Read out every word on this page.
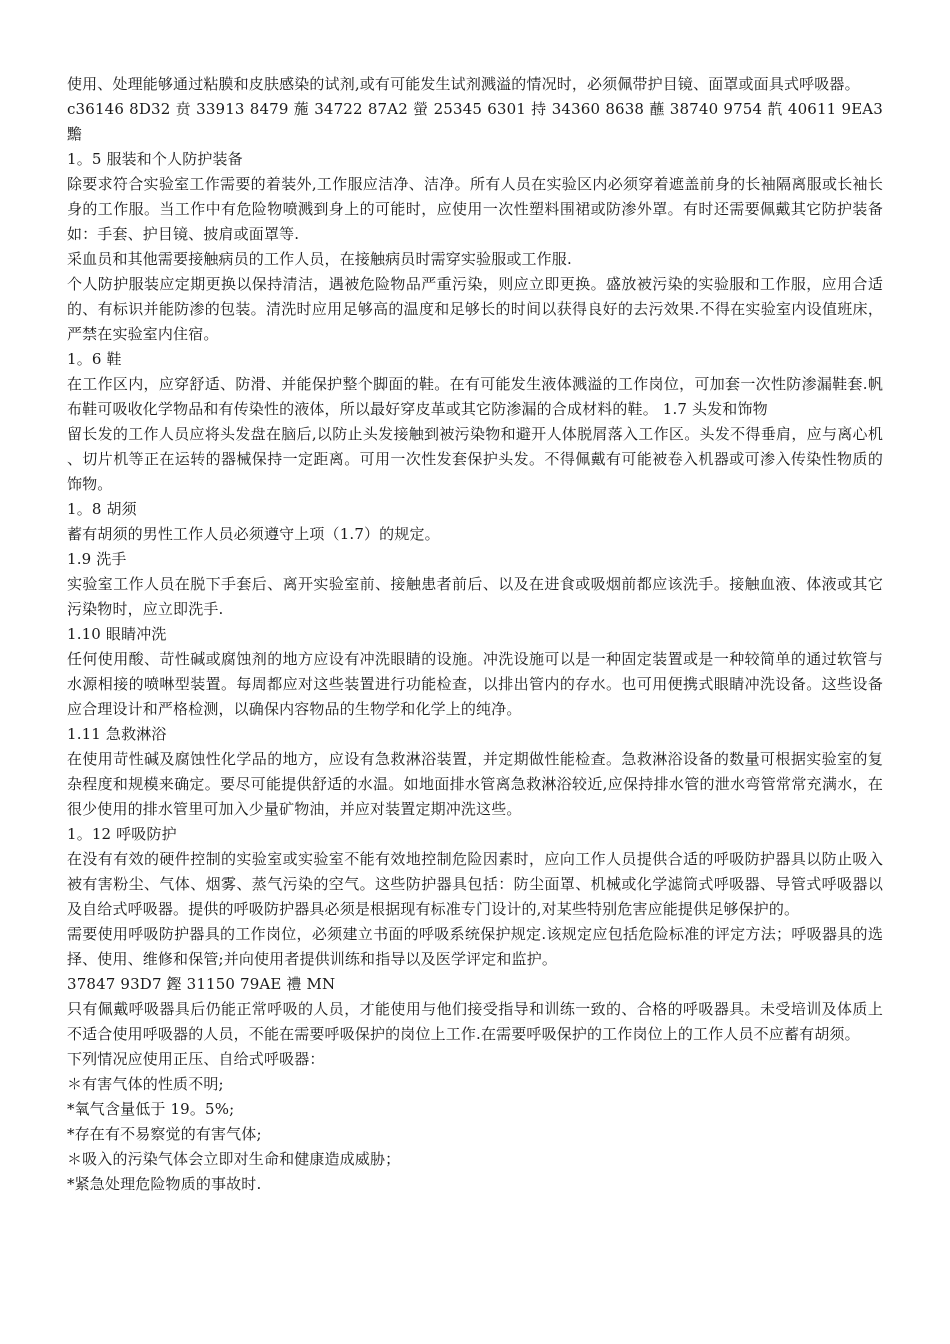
使用、处理能够通过粘膜和皮肤感染的试剂,或有可能发生试剂溅溢的情况时，必须佩带护目镜、面罩或面具式呼吸器。

c36146 8D32 贲 33913 8479 葹 34722 87A2 螢 25345 6301 持 34360 8638 蘸 38740 9754 靔 40611 9EA3 黵

1。5 服装和个人防护装备

除要求符合实验室工作需要的着装外,工作服应洁净、洁净。所有人员在实验区内必须穿着遮盖前身的长袖隔离服或长袖长身的工作服。当工作中有危险物喷溅到身上的可能时，应使用一次性塑料围裙或防渗外罩。有时还需要佩戴其它防护装备如：手套、护目镜、披肩或面罩等.

采血员和其他需要接触病员的工作人员，在接触病员时需穿实验服或工作服.

个人防护服装应定期更换以保持清洁，遇被危险物品严重污染，则应立即更换。盛放被污染的实验服和工作服，应用合适的、有标识并能防渗的包装。清洗时应用足够高的温度和足够长的时间以获得良好的去污效果.不得在实验室内设值班床，严禁在实验室内住宿。

1。6 鞋

在工作区内，应穿舒适、防滑、并能保护整个脚面的鞋。在有可能发生液体溅溢的工作岗位，可加套一次性防渗漏鞋套.帆布鞋可吸收化学物品和有传染性的液体，所以最好穿皮革或其它防渗漏的合成材料的鞋。 1.7 头发和饰物

留长发的工作人员应将头发盘在脑后,以防止头发接触到被污染物和避开人体脱屑落入工作区。头发不得垂肩，应与离心机、切片机等正在运转的器械保持一定距离。可用一次性发套保护头发。不得佩戴有可能被卷入机器或可渗入传染性物质的饰物。

1。8 胡须

蓄有胡须的男性工作人员必须遵守上项（1.7）的规定。

1.9 洗手

实验室工作人员在脱下手套后、离开实验室前、接触患者前后、以及在进食或吸烟前都应该洗手。接触血液、体液或其它污染物时，应立即洗手.

1.10 眼睛冲洗

任何使用酸、苛性碱或腐蚀剂的地方应设有冲洗眼睛的设施。冲洗设施可以是一种固定装置或是一种较简单的通过软管与水源相接的喷啉型装置。每周都应对这些装置进行功能检查，以排出管内的存水。也可用便携式眼睛冲洗设备。这些设备应合理设计和严格检测，以确保内容物品的生物学和化学上的纯净。

1.11 急救淋浴

在使用苛性碱及腐蚀性化学品的地方，应设有急救淋浴装置，并定期做性能检查。急救淋浴设备的数量可根据实验室的复杂程度和规模来确定。要尽可能提供舒适的水温。如地面排水管离急救淋浴较近,应保持排水管的泄水弯管常常充满水，在很少使用的排水管里可加入少量矿物油，并应对装置定期冲洗这些。

1。12 呼吸防护

在没有有效的硬件控制的实验室或实验室不能有效地控制危险因素时，应向工作人员提供合适的呼吸防护器具以防止吸入被有害粉尘、气体、烟雾、蒸气污染的空气。这些防护器具包括：防尘面罩、机械或化学滤筒式呼吸器、导管式呼吸器以及自给式呼吸器。提供的呼吸防护器具必须是根据现有标准专门设计的,对某些特别危害应能提供足够保护的。

需要使用呼吸防护器具的工作岗位，必须建立书面的呼吸系统保护规定.该规定应包括危险标准的评定方法；呼吸器具的选择、使用、维修和保管;并向使用者提供训练和指导以及医学评定和监护。

37847 93D7 鏗 31150 79AE 禮 MN

只有佩戴呼吸器具后仍能正常呼吸的人员，才能使用与他们接受指导和训练一致的、合格的呼吸器具。未受培训及体质上不适合使用呼吸器的人员，不能在需要呼吸保护的岗位上工作.在需要呼吸保护的工作岗位上的工作人员不应蓄有胡须。

下列情况应使用正压、自给式呼吸器：

＊有害气体的性质不明;

*氧气含量低于 19。5%;

*存在有不易察觉的有害气体;

＊吸入的污染气体会立即对生命和健康造成威胁；

*紧急处理危险物质的事故时.
